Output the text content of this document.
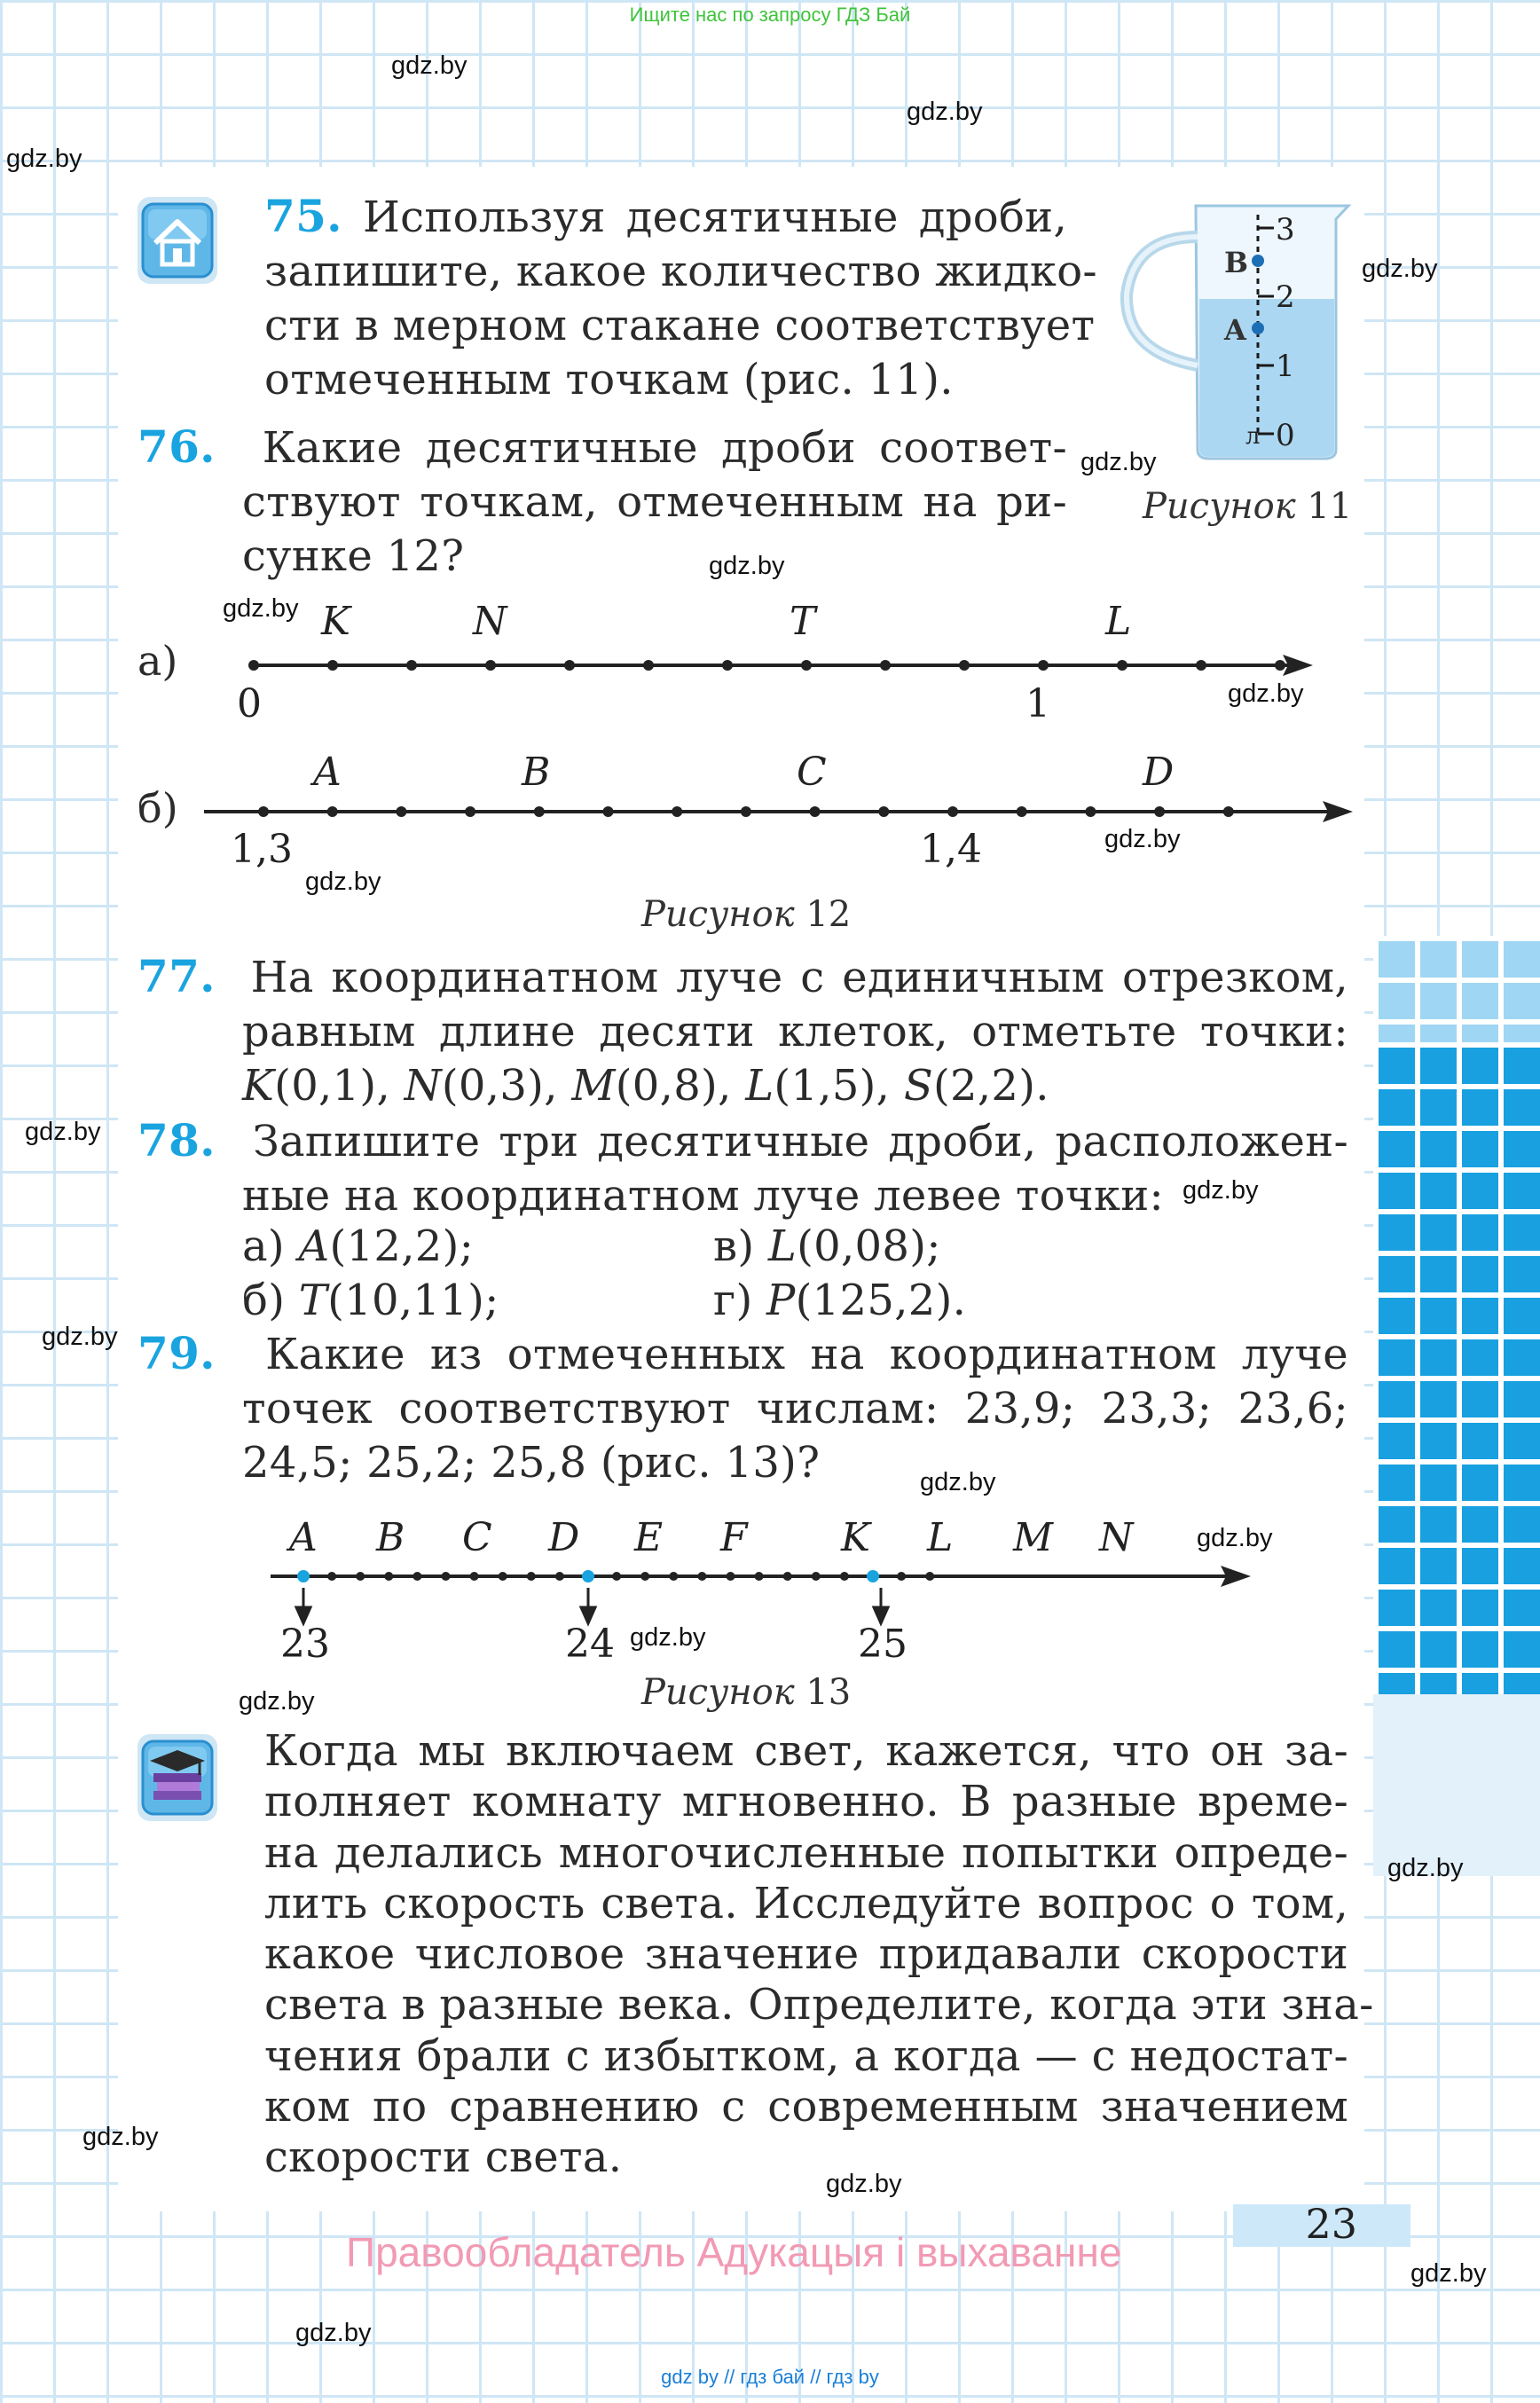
Ищите нас по запросу ГДЗ Бай
gdz.by
gdz.by
gdz.by
gdz.by
gdz.by
gdz.by
gdz.by
gdz.by
gdz.by
gdz.by
gdz.by
gdz.by
gdz.by
gdz.by
gdz.by
gdz.by
gdz.by
gdz.by
gdz.by
gdz.by
gdz.by
gdz.by
75. Используя десятичные дроби,
запишите, какое количество жидко-
сти в мерном стакане соответствует
отмеченным точкам (рис. 11).
3
2
1
0
л
B
A
Рисунок 11
76. Какие десятичные дроби соответ-
ствуют точкам, отмеченным на ри-
сунке 12?
а)
K	N	T	L
0	1
б)
A	B	C	D
1,3	1,4
Рисунок 12
77. На координатном луче с единичным отрезком,
равным длине десяти клеток, отметьте точки:
K(0,1), N(0,3), M(0,8), L(1,5), S(2,2).
78. Запишите три десятичные дроби, расположен-
ные на координатном луче левее точки:
а) A(12,2);	в) L(0,08);
б) T(10,11);	г) P(125,2).
79. Какие из отмеченных на координатном луче
точек соответствуют числам: 23,9; 23,3; 23,6;
24,5; 25,2; 25,8 (рис. 13)?
A B C D E F K L M N
23	24	25
Рисунок 13
Когда мы включаем свет, кажется, что он за-
полняет комнату мгновенно. В разные време-
на делались многочисленные попытки опреде-
лить скорость света. Исследуйте вопрос о том,
какое числовое значение придавали скорости
света в разные века. Определите, когда эти зна-
чения брали с избытком, а когда — с недостат-
ком по сравнению с современным значением
скорости света.
23
Правообладатель Адукацыя і выхаванне
gdz by // гдз бай // гдз by
